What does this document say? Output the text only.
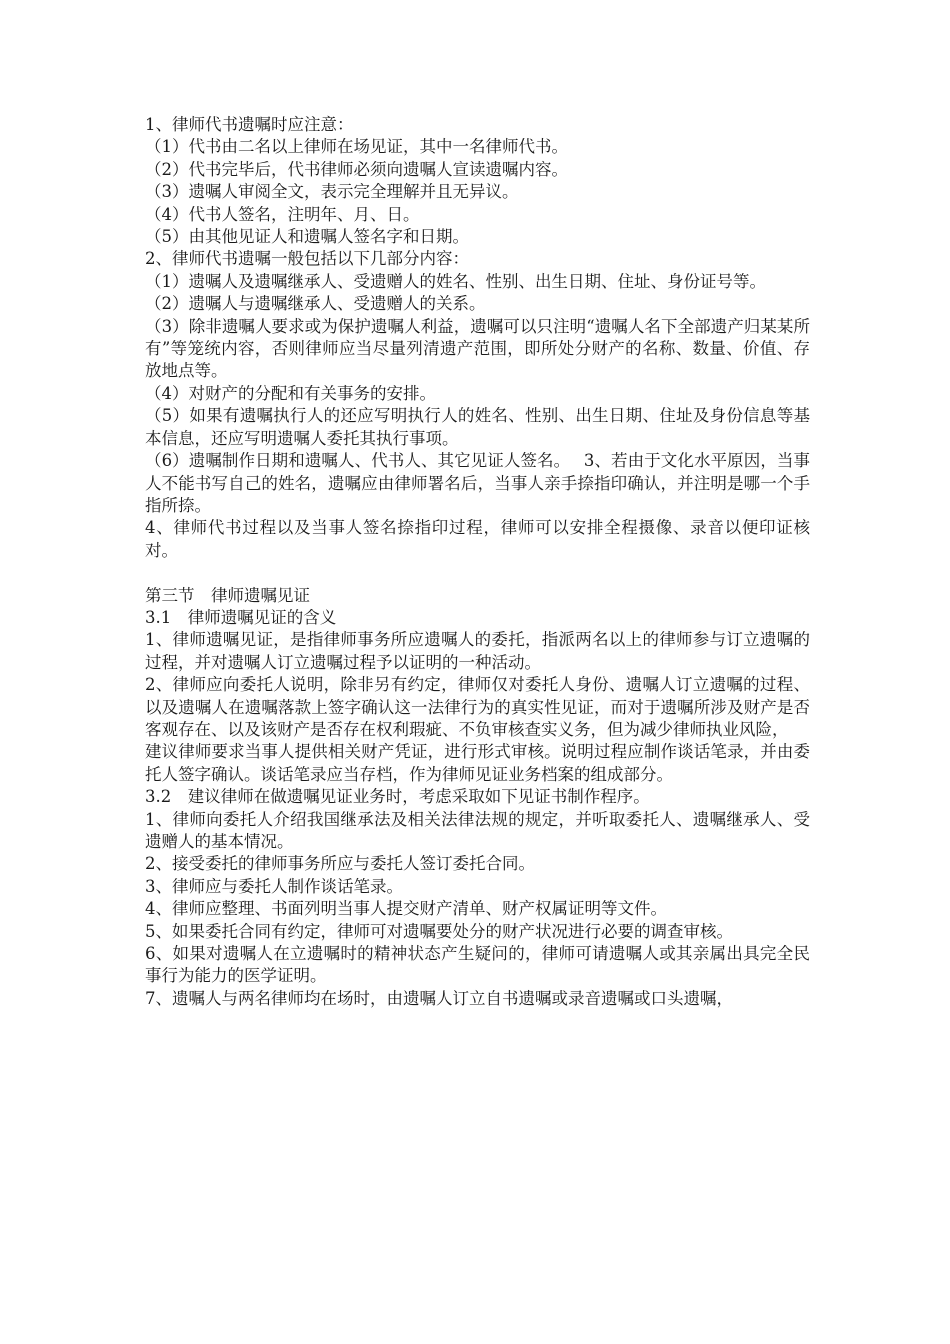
1、律师代书遗嘱时应注意：

（1）代书由二名以上律师在场见证，其中一名律师代书。

（2）代书完毕后，代书律师必须向遗嘱人宣读遗嘱内容。

（3）遗嘱人审阅全文，表示完全理解并且无异议。

（4）代书人签名，注明年、月、日。

（5）由其他见证人和遗嘱人签名字和日期。

2、律师代书遗嘱一般包括以下几部分内容：

（1）遗嘱人及遗嘱继承人、受遗赠人的姓名、性别、出生日期、住址、身份证号等。

（2）遗嘱人与遗嘱继承人、受遗赠人的关系。

（3）除非遗嘱人要求或为保护遗嘱人利益，遗嘱可以只注明“遗嘱人名下全部遗产归某某所有”等笼统内容，否则律师应当尽量列清遗产范围，即所处分财产的名称、数量、价值、存放地点等。

（4）对财产的分配和有关事务的安排。

（5）如果有遗嘱执行人的还应写明执行人的姓名、性别、出生日期、住址及身份信息等基本信息，还应写明遗嘱人委托其执行事项。

（6）遗嘱制作日期和遗嘱人、代书人、其它见证人签名。　 3、若由于文化水平原因，当事人不能书写自己的姓名，遗嘱应由律师署名后，当事人亲手捺指印确认，并注明是哪一个手指所捺。

4、律师代书过程以及当事人签名捺指印过程，律师可以安排全程摄像、录音以便印证核对。

第三节　律师遗嘱见证

3.1　律师遗嘱见证的含义

1、律师遗嘱见证，是指律师事务所应遗嘱人的委托，指派两名以上的律师参与订立遗嘱的过程，并对遗嘱人订立遗嘱过程予以证明的一种活动。

2、律师应向委托人说明，除非另有约定，律师仅对委托人身份、遗嘱人订立遗嘱的过程、以及遗嘱人在遗嘱落款上签字确认这一法律行为的真实性见证，而对于遗嘱所涉及财产是否客观存在、以及该财产是否存在权利瑕疵、不负审核查实义务，但为减少律师执业风险，

建议律师要求当事人提供相关财产凭证，进行形式审核。说明过程应制作谈话笔录，并由委托人签字确认。谈话笔录应当存档，作为律师见证业务档案的组成部分。

3.2　建议律师在做遗嘱见证业务时，考虑采取如下见证书制作程序。

1、律师向委托人介绍我国继承法及相关法律法规的规定，并听取委托人、遗嘱继承人、受遗赠人的基本情况。

2、接受委托的律师事务所应与委托人签订委托合同。

3、律师应与委托人制作谈话笔录。

4、律师应整理、书面列明当事人提交财产清单、财产权属证明等文件。

5、如果委托合同有约定，律师可对遗嘱要处分的财产状况进行必要的调查审核。

6、如果对遗嘱人在立遗嘱时的精神状态产生疑问的，律师可请遗嘱人或其亲属出具完全民事行为能力的医学证明。

7、遗嘱人与两名律师均在场时，由遗嘱人订立自书遗嘱或录音遗嘱或口头遗嘱，
